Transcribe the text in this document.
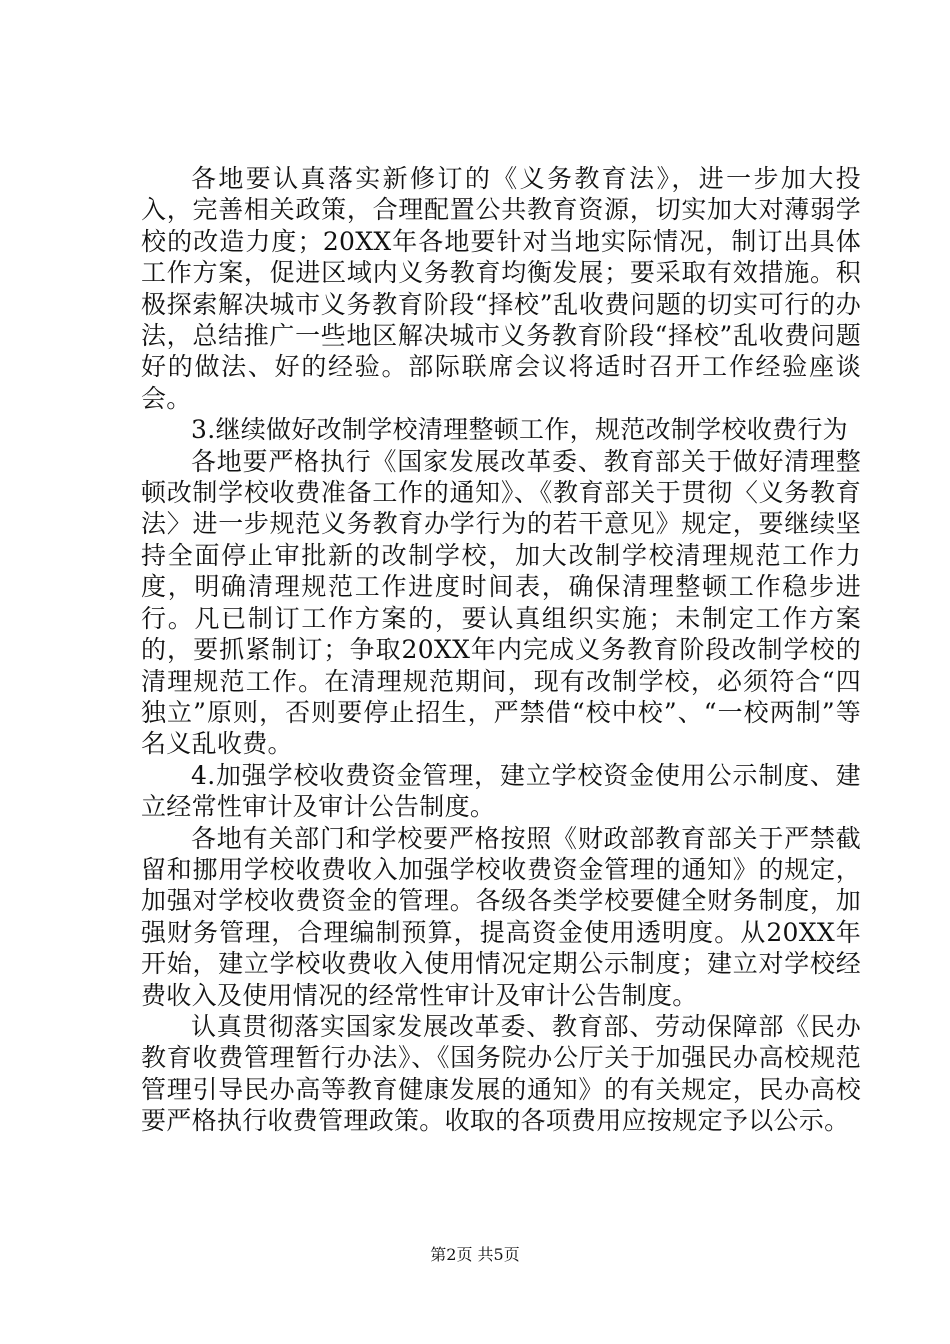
各地要认真落实新修订的《义务教育法》，进一步加大投入，完善相关政策，合理配置公共教育资源，切实加大对薄弱学校的改造力度；20XX年各地要针对当地实际情况，制订出具体工作方案，促进区域内义务教育均衡发展；要采取有效措施。积极探索解决城市义务教育阶段“择校”乱收费问题的切实可行的办法，总结推广一些地区解决城市义务教育阶段“择校”乱收费问题好的做法、好的经验。部际联席会议将适时召开工作经验座谈会。

3.继续做好改制学校清理整顿工作，规范改制学校收费行为

各地要严格执行《国家发展改革委、教育部关于做好清理整顿改制学校收费准备工作的通知》、《教育部关于贯彻〈义务教育法〉进一步规范义务教育办学行为的若干意见》规定，要继续坚持全面停止审批新的改制学校，加大改制学校清理规范工作力度，明确清理规范工作进度时间表，确保清理整顿工作稳步进行。凡已制订工作方案的，要认真组织实施；未制定工作方案的，要抓紧制订；争取20XX年内完成义务教育阶段改制学校的清理规范工作。在清理规范期间，现有改制学校，必须符合“四独立”原则，否则要停止招生，严禁借“校中校”、“一校两制”等名义乱收费。

4.加强学校收费资金管理，建立学校资金使用公示制度、建立经常性审计及审计公告制度。

各地有关部门和学校要严格按照《财政部教育部关于严禁截留和挪用学校收费收入加强学校收费资金管理的通知》的规定，加强对学校收费资金的管理。各级各类学校要健全财务制度，加强财务管理，合理编制预算，提高资金使用透明度。从20XX年开始，建立学校收费收入使用情况定期公示制度；建立对学校经费收入及使用情况的经常性审计及审计公告制度。

认真贯彻落实国家发展改革委、教育部、劳动保障部《民办教育收费管理暂行办法》、《国务院办公厅关于加强民办高校规范管理引导民办高等教育健康发展的通知》的有关规定，民办高校要严格执行收费管理政策。收取的各项费用应按规定予以公示。

第2页 共5页
